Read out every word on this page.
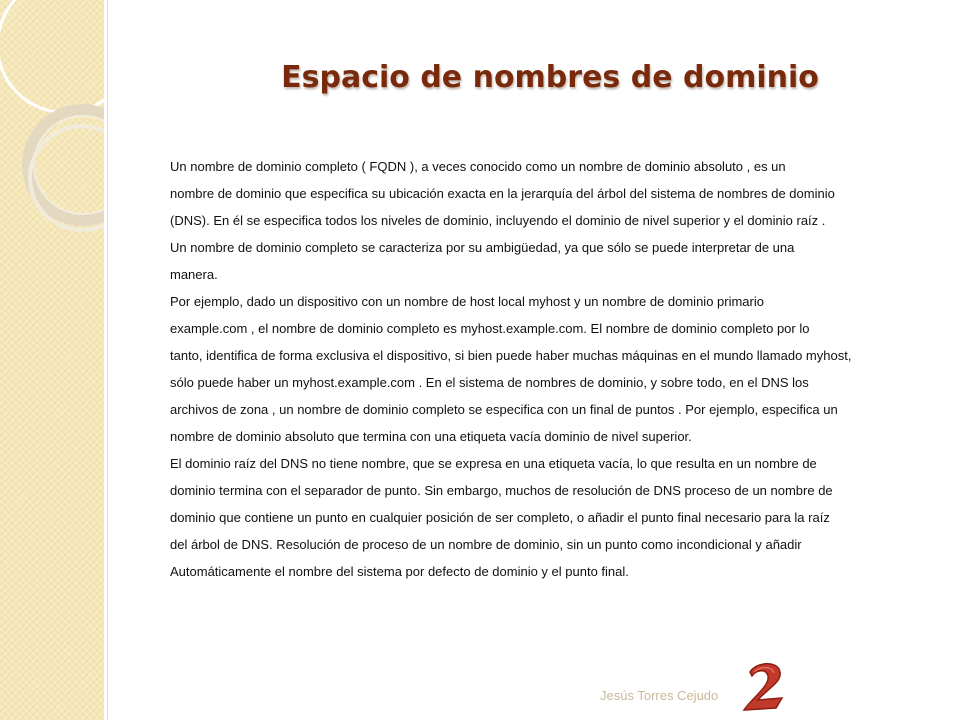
Espacio de nombres de dominio
Un nombre de dominio completo ( FQDN ), a veces conocido como un nombre de dominio absoluto , es un
nombre de dominio que especifica su ubicación exacta en la jerarquía del árbol del sistema de nombres de dominio
(DNS). En él se especifica todos los niveles de dominio, incluyendo el dominio de nivel superior y el dominio raíz .
Un nombre de dominio completo se caracteriza por su ambigüedad, ya que sólo se puede interpretar de una
manera.
Por ejemplo, dado un dispositivo con un nombre de host local myhost y un nombre de dominio primario
example.com , el nombre de dominio completo es myhost.example.com. El nombre de dominio completo por lo
tanto, identifica de forma exclusiva el dispositivo, si bien puede haber muchas máquinas en el mundo llamado myhost,
sólo puede haber un myhost.example.com . En el sistema de nombres de dominio, y sobre todo, en el DNS los
archivos de zona , un nombre de dominio completo se especifica con un final de puntos . Por ejemplo, especifica un
nombre de dominio absoluto que termina con una etiqueta vacía dominio de nivel superior.
El dominio raíz del DNS no tiene nombre, que se expresa en una etiqueta vacía, lo que resulta en un nombre de
dominio termina con el separador de punto. Sin embargo, muchos de resolución de DNS proceso de un nombre de
dominio que contiene un punto en cualquier posición de ser completo, o añadir el punto final necesario para la raíz
del árbol de DNS. Resolución de proceso de un nombre de dominio, sin un punto como incondicional y añadir
Automáticamente el nombre del sistema por defecto de dominio y el punto final.
Jesús Torres Cejudo
